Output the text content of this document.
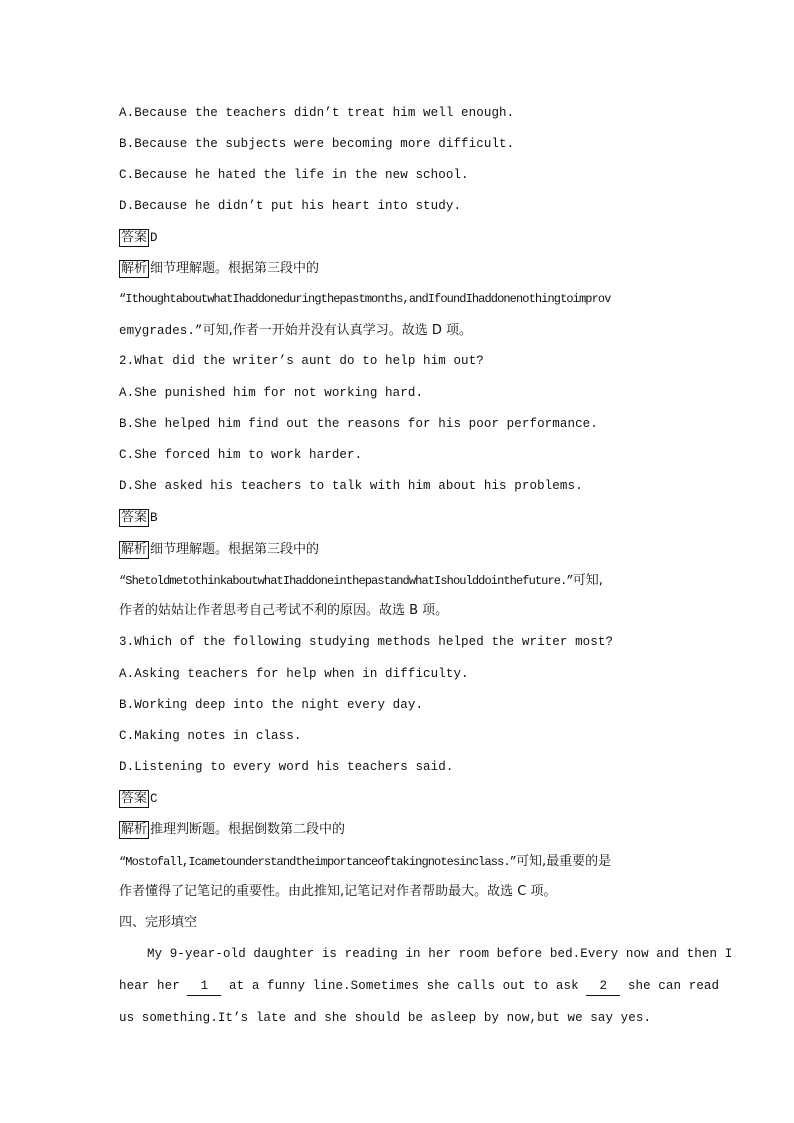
A.Because the teachers didn’t treat him well enough.
B.Because the subjects were becoming more difficult.
C.Because he hated the life in the new school.
D.Because he didn’t put his heart into study.
答案 D
解析 细节理解题。根据第三段中的
“IthoughtaboutwhatIhaddoneduringthepastmonths,andIfoundIhaddonenothingtoimprov
emygrades.”可知,作者一开始并没有认真学习。故选 D 项。
2.What did the writer’s aunt do to help him out?
A.She punished him for not working hard.
B.She helped him find out the reasons for his poor performance.
C.She forced him to work harder.
D.She asked his teachers to talk with him about his problems.
答案 B
解析 细节理解题。根据第三段中的
“ShetoldmetothinkaboutwhatIhaddoneinthepastandwhatIshoulddointhefuture.”可知,
作者的姑姑让作者思考自己考试不利的原因。故选 B 项。
3.Which of the following studying methods helped the writer most?
A.Asking teachers for help when in difficulty.
B.Working deep into the night every day.
C.Making notes in class.
D.Listening to every word his teachers said.
答案 C
解析 推理判断题。根据倒数第二段中的
“Mostofall,Icametounderstandtheimportanceoftakingnotesinclass.”可知,最重要的是
作者懂得了记笔记的重要性。由此推知,记笔记对作者帮助最大。故选 C 项。
四、完形填空
My 9-year-old daughter is reading in her room before bed.Every now and then I
hear her 1 at a funny line.Sometimes she calls out to ask 2 she can read
us something.It’s late and she should be asleep by now,but we say yes.
